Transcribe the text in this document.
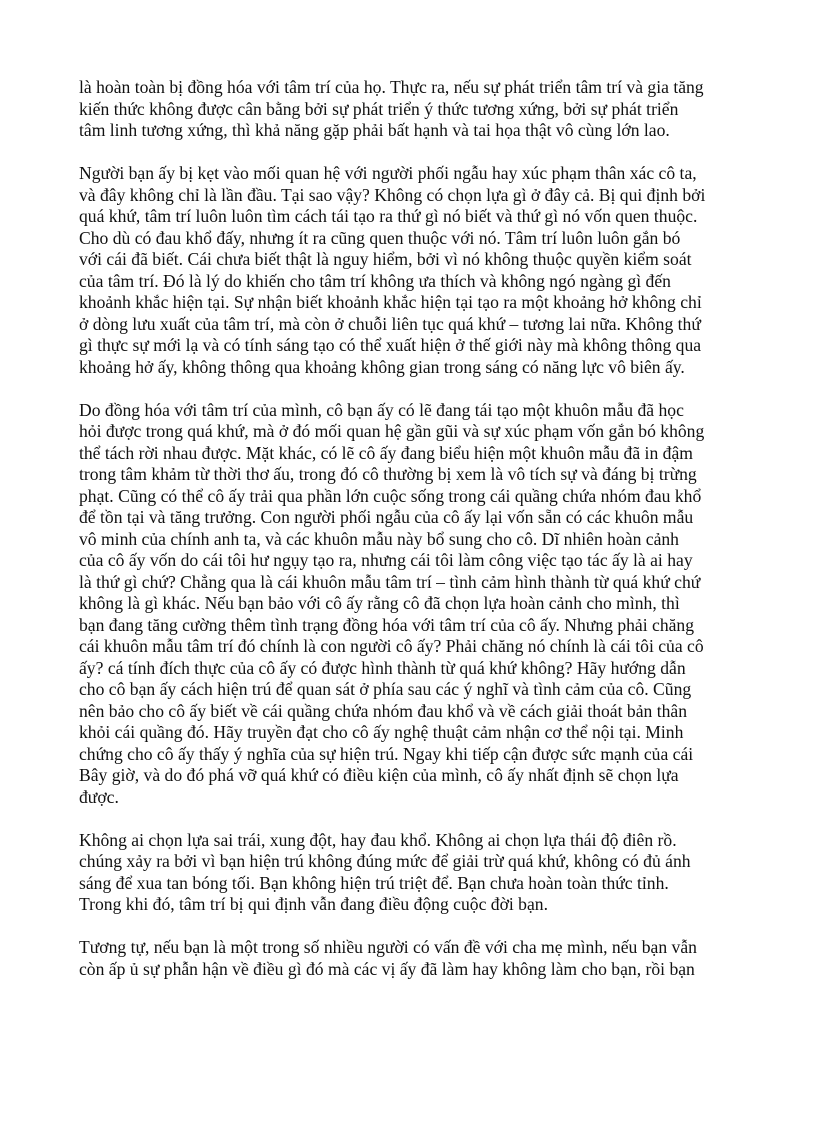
là hoàn toàn bị đồng hóa với tâm trí của họ. Thực ra, nếu sự phát triển tâm trí và gia tăng
kiến thức không được cân bằng bởi sự phát triển ý thức tương xứng, bởi sự phát triển
tâm linh tương xứng, thì khả năng gặp phải bất hạnh và tai họa thật vô cùng lớn lao.

Người bạn ấy bị kẹt vào mối quan hệ với người phối ngẫu hay xúc phạm thân xác cô ta,
và đây không chỉ là lần đầu. Tại sao vậy? Không có chọn lựa gì ở đây cả. Bị qui định bởi
quá khứ, tâm trí luôn luôn tìm cách tái tạo ra thứ gì nó biết và thứ gì nó vốn quen thuộc.
Cho dù có đau khổ đấy, nhưng ít ra cũng quen thuộc với nó. Tâm trí luôn luôn gắn bó
với cái đã biết. Cái chưa biết thật là nguy hiểm, bởi vì nó không thuộc quyền kiểm soát
của tâm trí. Đó là lý do khiến cho tâm trí không ưa thích và không ngó ngàng gì đến
khoảnh khắc hiện tại. Sự nhận biết khoảnh khắc hiện tại tạo ra một khoảng hở không chỉ
ở dòng lưu xuất của tâm trí, mà còn ở chuỗi liên tục quá khứ – tương lai nữa. Không thứ
gì thực sự mới lạ và có tính sáng tạo có thể xuất hiện ở thế giới này mà không thông qua
khoảng hở ấy, không thông qua khoảng không gian trong sáng có năng lực vô biên ấy.

Do đồng hóa với tâm trí của mình, cô bạn ấy có lẽ đang tái tạo một khuôn mẫu đã học
hỏi được trong quá khứ, mà ở đó mối quan hệ gần gũi và sự xúc phạm vốn gắn bó không
thể tách rời nhau được. Mặt khác, có lẽ cô ấy đang biểu hiện một khuôn mẫu đã in đậm
trong tâm khảm từ thời thơ ấu, trong đó cô thường bị xem là vô tích sự và đáng bị trừng
phạt. Cũng có thể cô ấy trải qua phần lớn cuộc sống trong cái quầng chứa nhóm đau khổ
để tồn tại và tăng trưởng. Con người phối ngẫu của cô ấy lại vốn sẵn có các khuôn mẫu
vô minh của chính anh ta, và các khuôn mẫu này bổ sung cho cô. Dĩ nhiên hoàn cảnh
của cô ấy vốn do cái tôi hư ngụy tạo ra, nhưng cái tôi làm công việc tạo tác ấy là ai hay
là thứ gì chứ? Chẳng qua là cái khuôn mẫu tâm trí – tình cảm hình thành từ quá khứ chứ
không là gì khác. Nếu bạn bảo với cô ấy rằng cô đã chọn lựa hoàn cảnh cho mình, thì
bạn đang tăng cường thêm tình trạng đồng hóa với tâm trí của cô ấy. Nhưng phải chăng
cái khuôn mẫu tâm trí đó chính là con người cô ấy? Phải chăng nó chính là cái tôi của cô
ấy? cá tính đích thực của cô ấy có được hình thành từ quá khứ không? Hãy hướng dẫn
cho cô bạn ấy cách hiện trú để quan sát ở phía sau các ý nghĩ và tình cảm của cô. Cũng
nên bảo cho cô ấy biết về cái quầng chứa nhóm đau khổ và về cách giải thoát bản thân
khỏi cái quầng đó. Hãy truyền đạt cho cô ấy nghệ thuật cảm nhận cơ thể nội tại. Minh
chứng cho cô ấy thấy ý nghĩa của sự hiện trú. Ngay khi tiếp cận được sức mạnh của cái
Bây giờ, và do đó phá vỡ quá khứ có điều kiện của mình, cô ấy nhất định sẽ chọn lựa
được.

Không ai chọn lựa sai trái, xung đột, hay đau khổ. Không ai chọn lựa thái độ điên rồ.
chúng xảy ra bởi vì bạn hiện trú không đúng mức để giải trừ quá khứ, không có đủ ánh
sáng để xua tan bóng tối. Bạn không hiện trú triệt để. Bạn chưa hoàn toàn thức tỉnh.
Trong khi đó, tâm trí bị qui định vẫn đang điều động cuộc đời bạn.

Tương tự, nếu bạn là một trong số nhiều người có vấn đề với cha mẹ mình, nếu bạn vẫn
còn ấp ủ sự phẫn hận về điều gì đó mà các vị ấy đã làm hay không làm cho bạn, rồi bạn
